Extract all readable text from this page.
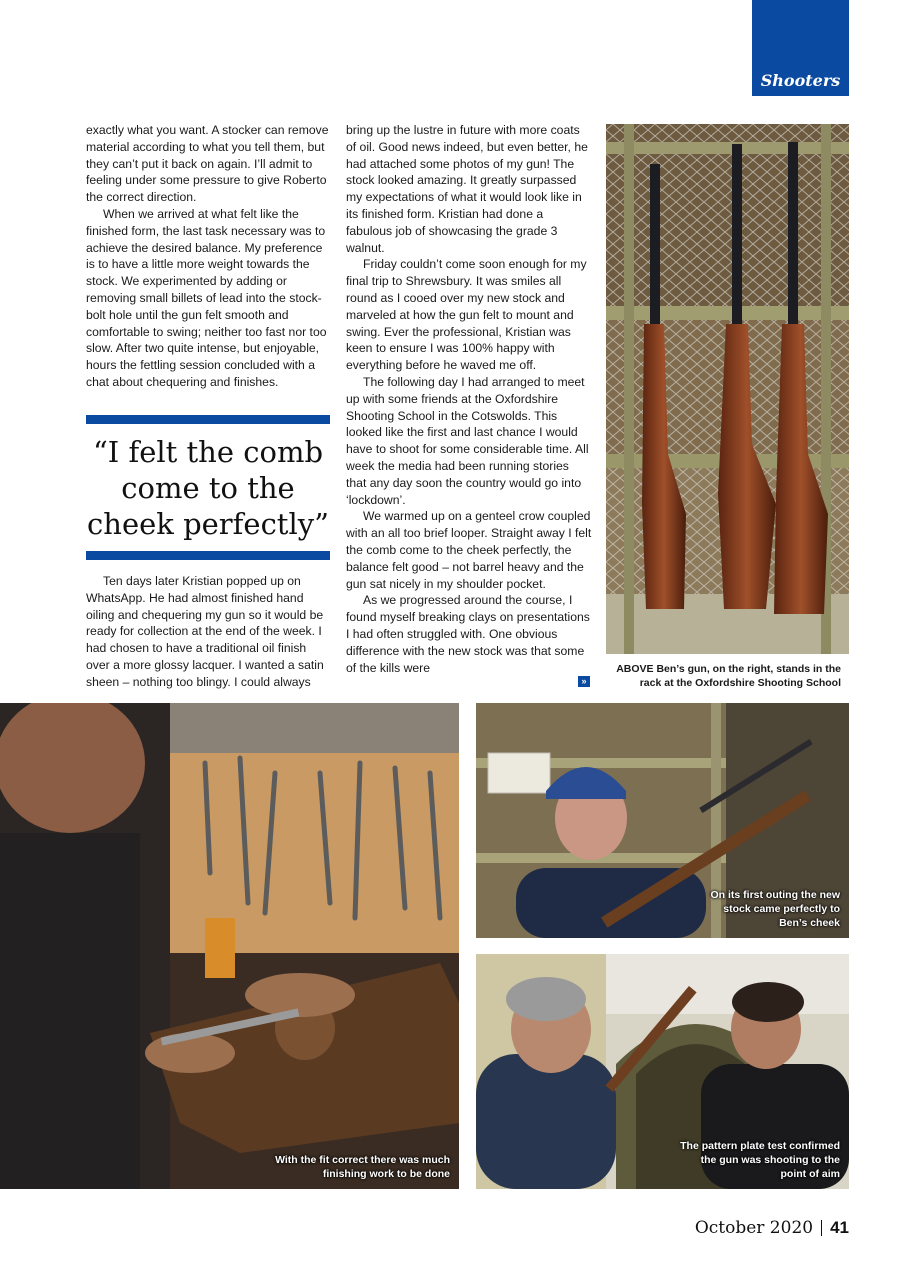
Shooters

exactly what you want. A stocker can remove material according to what you tell them, but they can’t put it back on again. I’ll admit to feeling under some pressure to give Roberto the correct direction.

When we arrived at what felt like the finished form, the last task necessary was to achieve the desired balance. My preference is to have a little more weight towards the stock. We experimented by adding or removing small billets of lead into the stock-bolt hole until the gun felt smooth and comfortable to swing; neither too fast nor too slow. After two quite intense, but enjoyable, hours the fettling session concluded with a chat about chequering and finishes.

“I felt the comb come to the cheek perfectly”

Ten days later Kristian popped up on WhatsApp. He had almost finished hand oiling and chequering my gun so it would be ready for collection at the end of the week. I had chosen to have a traditional oil finish over a more glossy lacquer. I wanted a satin sheen – nothing too blingy. I could always

bring up the lustre in future with more coats of oil. Good news indeed, but even better, he had attached some photos of my gun! The stock looked amazing. It greatly surpassed my expectations of what it would look like in its finished form. Kristian had done a fabulous job of showcasing the grade 3 walnut.

Friday couldn’t come soon enough for my final trip to Shrewsbury. It was smiles all round as I cooed over my new stock and marveled at how the gun felt to mount and swing. Ever the professional, Kristian was keen to ensure I was 100% happy with everything before he waved me off.

The following day I had arranged to meet up with some friends at the Oxfordshire Shooting School in the Cotswolds. This looked like the first and last chance I would have to shoot for some considerable time. All week the media had been running stories that any day soon the country would go into ‘lockdown’.

We warmed up on a genteel crow coupled with an all too brief looper. Straight away I felt the comb come to the cheek perfectly, the balance felt good – not barrel heavy and the gun sat nicely in my shoulder pocket.

As we progressed around the course, I found myself breaking clays on presentations I had often struggled with. One obvious difference with the new stock was that some of the kills were

»
ABOVE Ben’s gun, on the right, stands in the rack at the Oxfordshire Shooting School
With the fit correct there was much finishing work to be done
On its first outing the new stock came perfectly to Ben’s cheek
The pattern plate test confirmed the gun was shooting to the point of aim
October 2020 41
